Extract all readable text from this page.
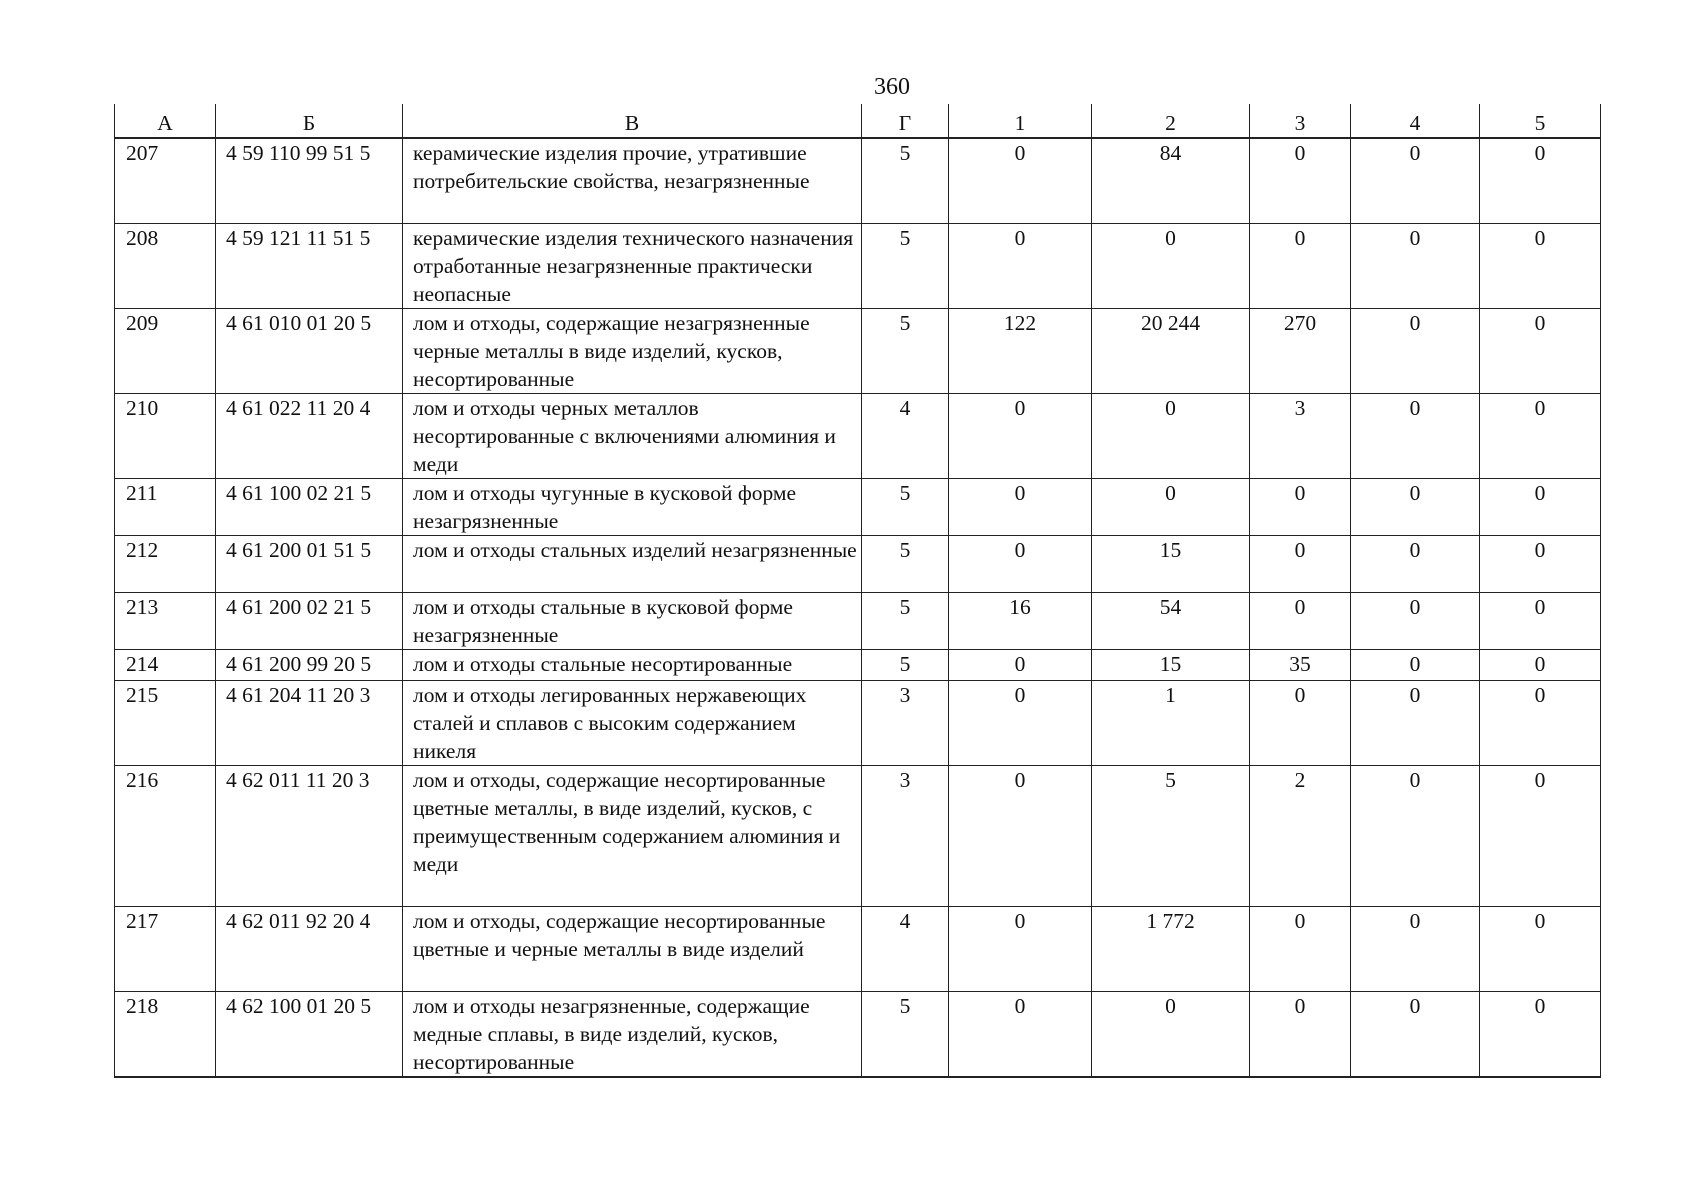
360
А	Б	В	Г	1	2	3	4	5
207	4 59 110 99 51 5	керамические изделия прочие, утратившие потребительские свойства, незагрязненные	5	0	84	0	0	0
208	4 59 121 11 51 5	керамические изделия технического назначения отработанные незагрязненные практически неопасные	5	0	0	0	0	0
209	4 61 010 01 20 5	лом и отходы, содержащие незагрязненные черные металлы в виде изделий, кусков, несортированные	5	122	20 244	270	0	0
210	4 61 022 11 20 4	лом и отходы черных металлов несортированные с включениями алюминия и меди	4	0	0	3	0	0
211	4 61 100 02 21 5	лом и отходы чугунные в кусковой форме незагрязненные	5	0	0	0	0	0
212	4 61 200 01 51 5	лом и отходы стальных изделий незагрязненные	5	0	15	0	0	0
213	4 61 200 02 21 5	лом и отходы стальные в кусковой форме незагрязненные	5	16	54	0	0	0
214	4 61 200 99 20 5	лом и отходы стальные несортированные	5	0	15	35	0	0
215	4 61 204 11 20 3	лом и отходы легированных нержавеющих сталей и сплавов с высоким содержанием никеля	3	0	1	0	0	0
216	4 62 011 11 20 3	лом и отходы, содержащие несортированные цветные металлы, в виде изделий, кусков, с преимущественным содержанием алюминия и меди	3	0	5	2	0	0
217	4 62 011 92 20 4	лом и отходы, содержащие несортированные цветные и черные металлы в виде изделий	4	0	1 772	0	0	0
218	4 62 100 01 20 5	лом и отходы незагрязненные, содержащие медные сплавы, в виде изделий, кусков, несортированные	5	0	0	0	0	0
